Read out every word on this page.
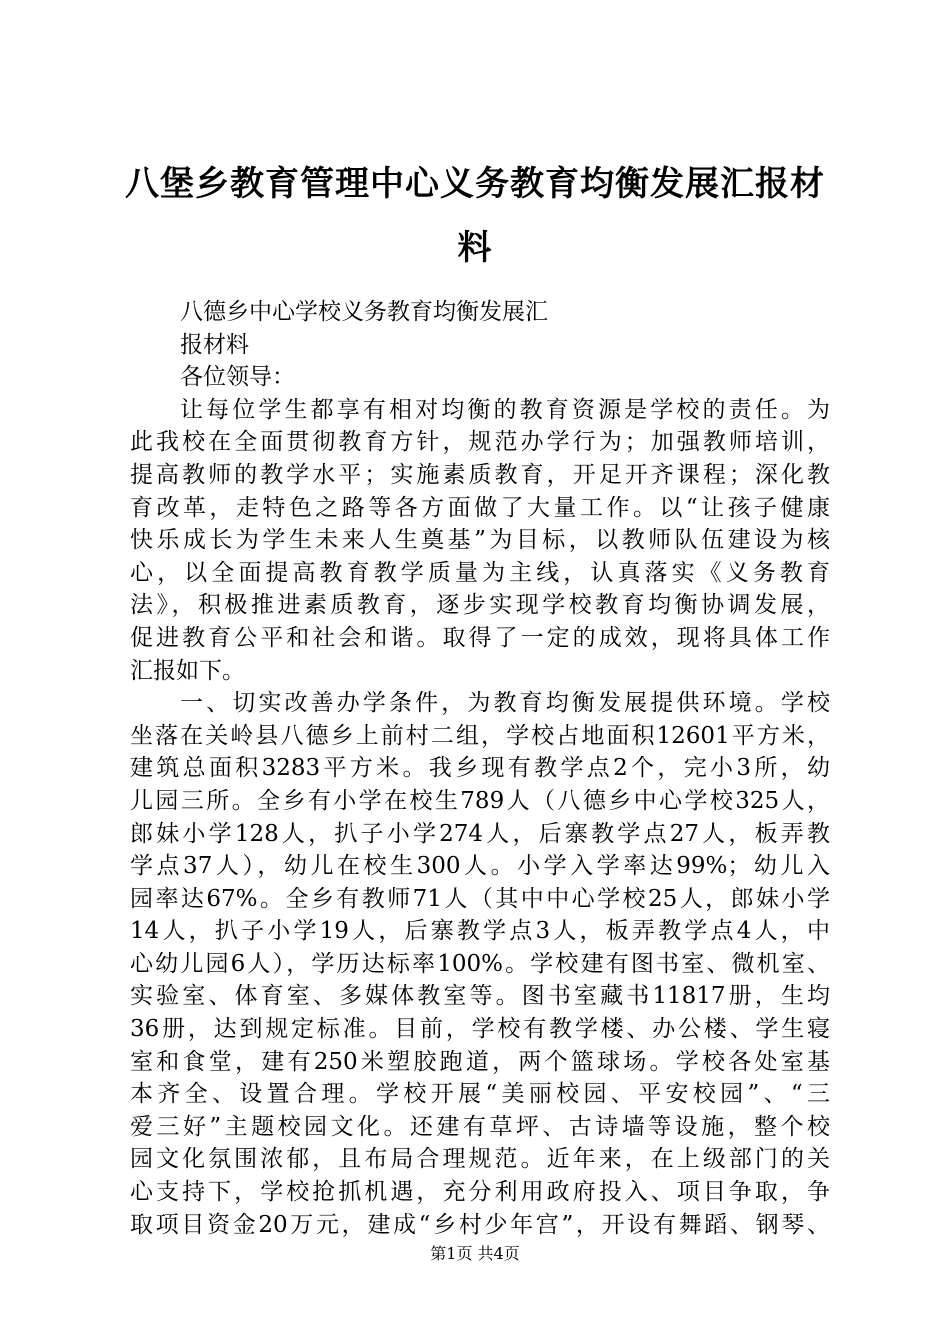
八堡乡教育管理中心义务教育均衡发展汇报材料
八德乡中心学校义务教育均衡发展汇
报材料
各位领导：
让每位学生都享有相对均衡的教育资源是学校的责任。为
此我校在全面贯彻教育方针，规范办学行为；加强教师培训，
提高教师的教学水平；实施素质教育，开足开齐课程；深化教
育改革，走特色之路等各方面做了大量工作。以“让孩子健康
快乐成长为学生未来人生奠基”为目标，以教师队伍建设为核
心，以全面提高教育教学质量为主线，认真落实《义务教育
法》，积极推进素质教育，逐步实现学校教育均衡协调发展，
促进教育公平和社会和谐。取得了一定的成效，现将具体工作
汇报如下。
一、切实改善办学条件，为教育均衡发展提供环境。学校
坐落在关岭县八德乡上前村二组，学校占地面积12601平方米，
建筑总面积3283平方米。我乡现有教学点2个，完小3所，幼
儿园三所。全乡有小学在校生789人（八德乡中心学校325人，
郎妹小学128人，扒子小学274人，后寨教学点27人，板弄教
学点37人），幼儿在校生300人。小学入学率达99%；幼儿入
园率达67%。全乡有教师71人（其中中心学校25人，郎妹小学
14人，扒子小学19人，后寨教学点3人，板弄教学点4人，中
心幼儿园6人），学历达标率100%。学校建有图书室、微机室、
实验室、体育室、多媒体教室等。图书室藏书11817册，生均
36册，达到规定标准。目前，学校有教学楼、办公楼、学生寝
室和食堂，建有250米塑胶跑道，两个篮球场。学校各处室基
本齐全、设置合理。学校开展“美丽校园、平安校园”、“三
爱三好”主题校园文化。还建有草坪、古诗墙等设施，整个校
园文化氛围浓郁，且布局合理规范。近年来，在上级部门的关
心支持下，学校抢抓机遇，充分利用政府投入、项目争取，争
取项目资金20万元，建成“乡村少年宫”，开设有舞蹈、钢琴、
第1页 共4页
